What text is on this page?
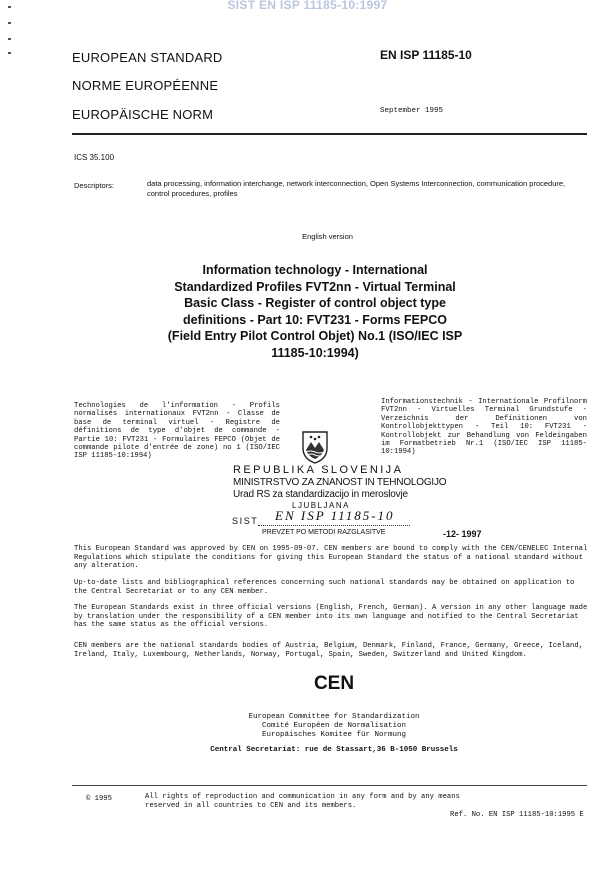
SIST EN ISP 11185-10:1997
EUROPEAN STANDARD
NORME EUROPÉENNE
EUROPÄISCHE NORM
EN ISP 11185-10
September 1995
ICS 35.100
Descriptors:	data processing, information interchange, network interconnection, Open Systems Interconnection, communication procedure, control procedures, profiles
English version
Information technology - International
Standardized Profiles FVT2nn - Virtual Terminal
Basic Class - Register of control object type
definitions - Part 10: FVT231 - Forms FEPCO
(Field Entry Pilot Control Objet) No.1 (ISO/IEC ISP
11185-10:1994)
Technologies de l'information - Profils normalisés internationaux FVT2nn - Classe de base de terminal virtuel - Registre de définitions de type d'objet de commande - Partie 10: FVT231 - Formulaires FEPCO (Objet de commande pilote d'entrée de zone) no 1 (ISO/IEC ISP 11185-10:1994)
Informationstechnik - Internationale Profilnorm FVT2nn - Virtuelles Terminal Grundstufe - Verzeichnis der Definitionen von Kontrollobjekttypen - Teil 10: FVT231 - Kontrollobjekt zur Behandlung von Feldeingaben im Formatbetrieb Nr.1 (ISO/IEC ISP 11185-10:1994)
REPUBLIKA SLOVENIJA
MINISTRSTVO ZA ZNANOST IN TEHNOLOGIJO
Urad RS za standardizacijo in meroslovje
LJUBLJANA
SIST EN ISP 11185-10
PREVZET PO METODI RAZGLASITVE	-12- 1997
This European Standard was approved by CEN on 1995-09-07. CEN members are bound to comply with the CEN/CENELEC Internal Regulations which stipulate the conditions for giving this European Standard the status of a national standard without any alteration.
Up-to-date lists and bibliographical references concerning such national standards may be obtained on application to the Central Secretariat or to any CEN member.
The European Standards exist in three official versions (English, French, German). A version in any other language made by translation under the responsibility of a CEN member into its own language and notified to the Central Secretariat has the same status as the official versions.
CEN members are the national standards bodies of Austria, Belgium, Denmark, Finland, France, Germany, Greece, Iceland, Ireland, Italy, Luxembourg, Netherlands, Norway, Portugal, Spain, Sweden, Switzerland and United Kingdom.
CEN
European Committee for Standardization
Comité Européen de Normalisation
Europäisches Komitee für Normung
Central Secretariat: rue de Stassart,36 B-1050 Brussels
© 1995	All rights of reproduction and communication in any form and by any means reserved in all countries to CEN and its members.
Ref. No. EN ISP 11185-10:1995 E
